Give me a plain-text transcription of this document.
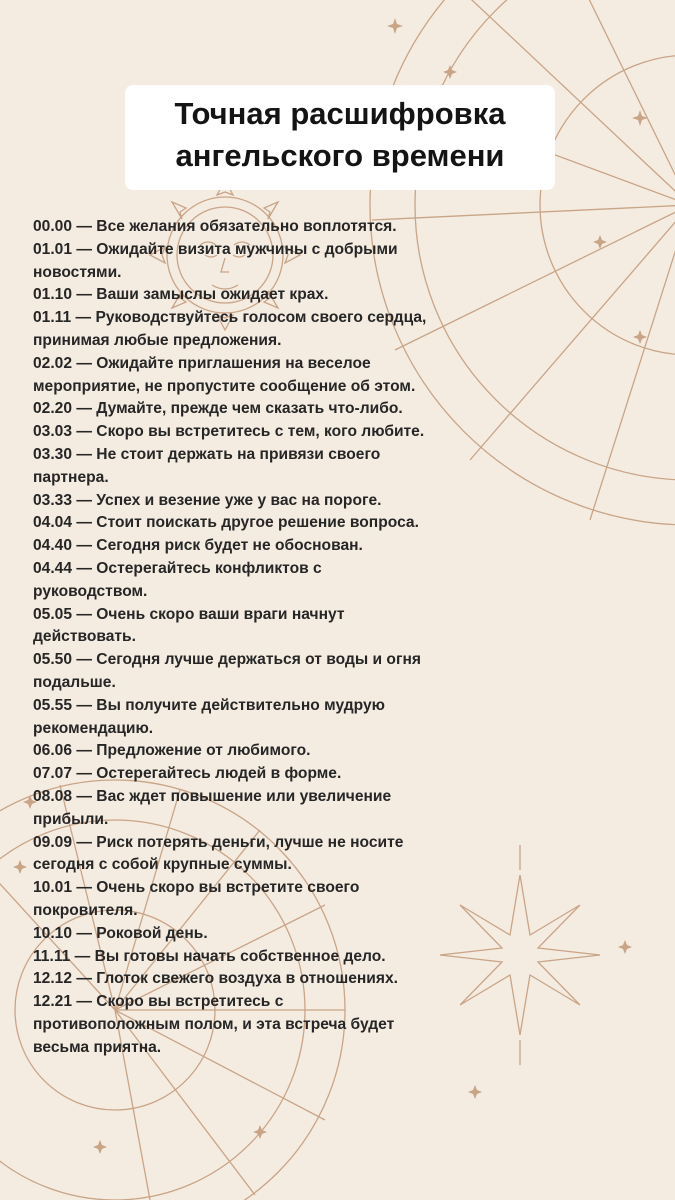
Точная расшифровка
ангельского времени
00.00 — Все желания обязательно воплотятся.
01.01 — Ожидайте визита мужчины с добрыми
новостями.
01.10 — Ваши замыслы ожидает крах.
01.11 — Руководствуйтесь голосом своего сердца,
принимая любые предложения.
02.02 — Ожидайте приглашения на веселое
мероприятие, не пропустите сообщение об этом.
02.20 — Думайте, прежде чем сказать что-либо.
03.03 — Скоро вы встретитесь с тем, кого любите.
03.30 — Не стоит держать на привязи своего
партнера.
03.33 — Успех и везение уже у вас на пороге.
04.04 — Стоит поискать другое решение вопроса.
04.40 — Сегодня риск будет не обоснован.
04.44 — Остерегайтесь конфликтов с
руководством.
05.05 — Очень скоро ваши враги начнут
действовать.
05.50 — Сегодня лучше держаться от воды и огня
подальше.
05.55 — Вы получите действительно мудрую
рекомендацию.
06.06 — Предложение от любимого.
07.07 — Остерегайтесь людей в форме.
08.08 — Вас ждет повышение или увеличение
прибыли.
09.09 — Риск потерять деньги, лучше не носите
сегодня с собой крупные суммы.
10.01 — Очень скоро вы встретите своего
покровителя.
10.10 — Роковой день.
11.11 — Вы готовы начать собственное дело.
12.12 — Глоток свежего воздуха в отношениях.
12.21 — Скоро вы встретитесь с
противоположным полом, и эта встреча будет
весьма приятна.
